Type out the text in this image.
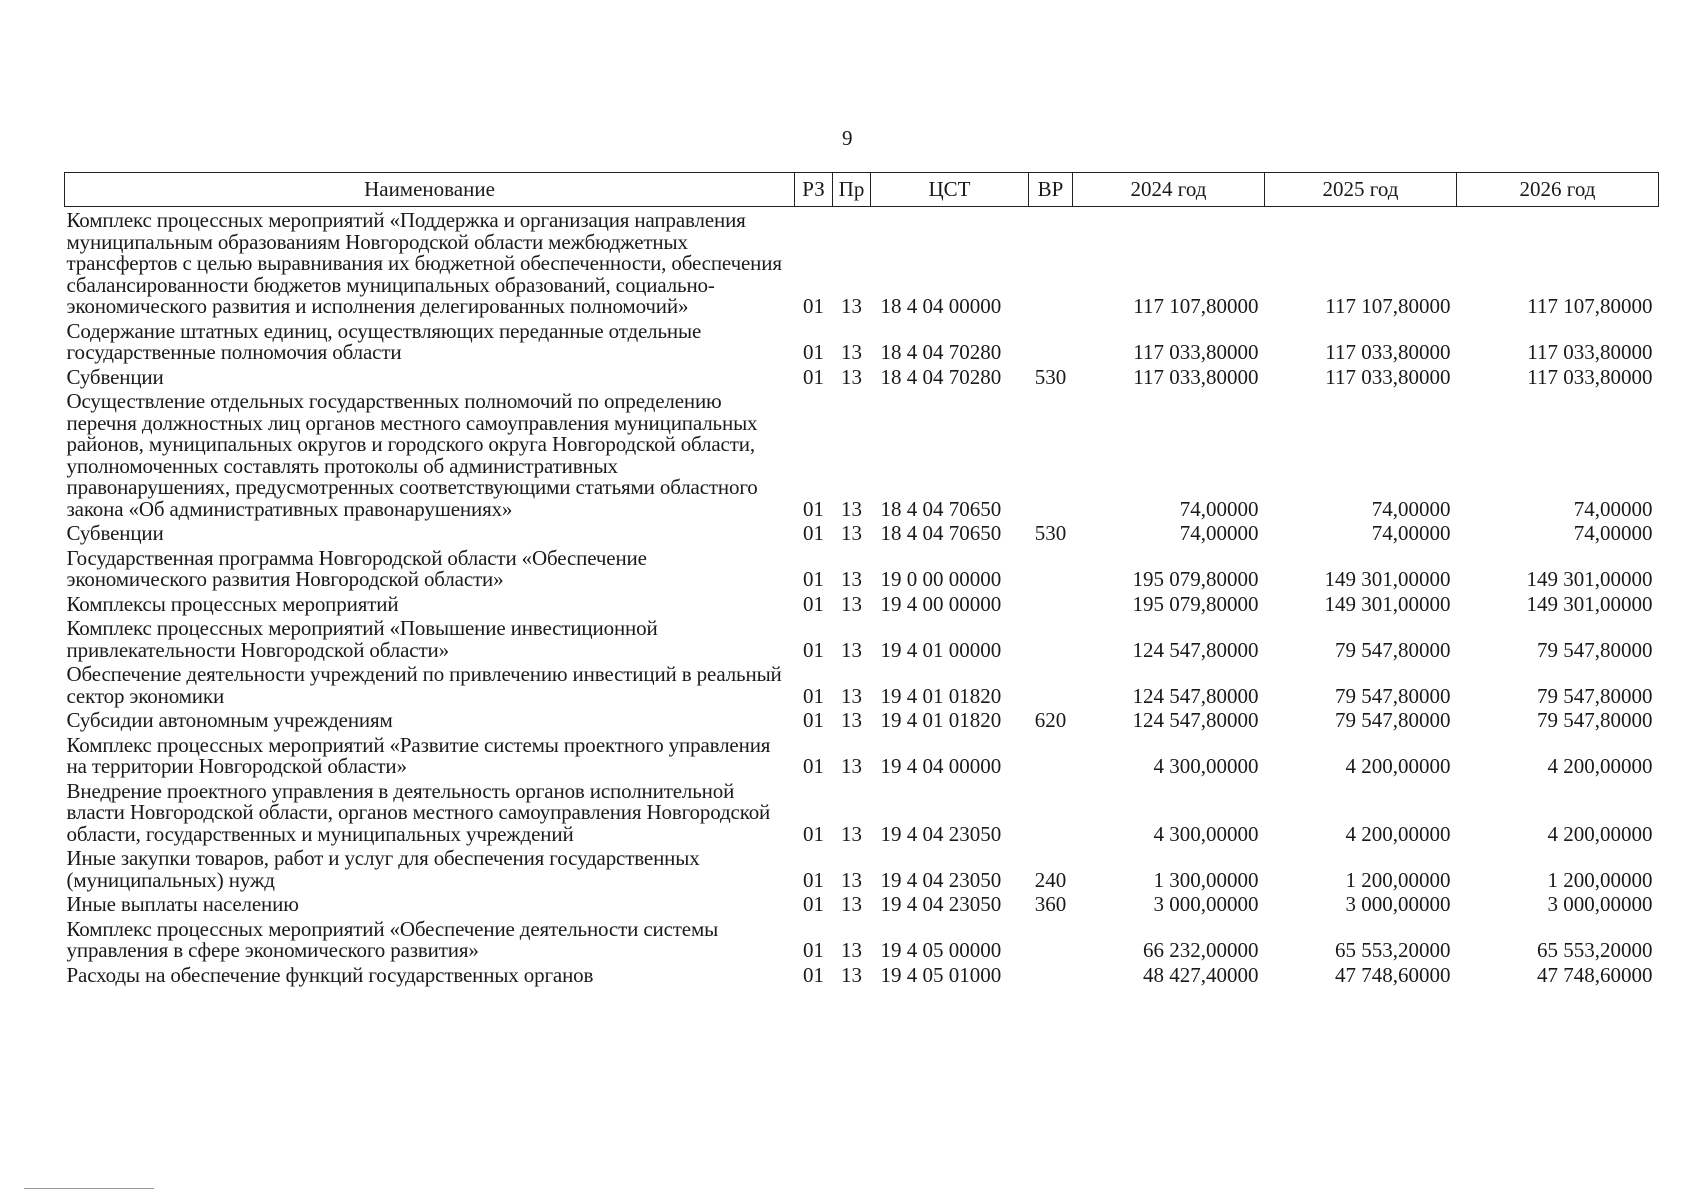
9
Наименование	РЗ	Пр	ЦСТ	ВР	2024 год	2025 год	2026 год
Комплекс процессных мероприятий «Поддержка и организация направления муниципальным образованиям Новгородской области межбюджетных трансфертов с целью выравнивания их бюджетной обеспеченности, обеспечения сбалансированности бюджетов муниципальных образований, социально-экономического развития и исполнения делегированных полномочий»	01	13	18 4 04 00000		117 107,80000	117 107,80000	117 107,80000
Содержание штатных единиц, осуществляющих переданные отдельные государственные полномочия области	01	13	18 4 04 70280		117 033,80000	117 033,80000	117 033,80000
Субвенции	01	13	18 4 04 70280	530	117 033,80000	117 033,80000	117 033,80000
Осуществление отдельных государственных полномочий по определению перечня должностных лиц органов местного самоуправления муниципальных районов, муниципальных округов и городского округа Новгородской области, уполномоченных составлять протоколы об административных правонарушениях, предусмотренных соответствующими статьями областного закона «Об административных правонарушениях»	01	13	18 4 04 70650		74,00000	74,00000	74,00000
Субвенции	01	13	18 4 04 70650	530	74,00000	74,00000	74,00000
Государственная программа Новгородской области «Обеспечение экономического развития Новгородской области»	01	13	19 0 00 00000		195 079,80000	149 301,00000	149 301,00000
Комплексы процессных мероприятий	01	13	19 4 00 00000		195 079,80000	149 301,00000	149 301,00000
Комплекс процессных мероприятий «Повышение инвестиционной привлекательности Новгородской области»	01	13	19 4 01 00000		124 547,80000	79 547,80000	79 547,80000
Обеспечение деятельности учреждений по привлечению инвестиций в реальный сектор экономики	01	13	19 4 01 01820		124 547,80000	79 547,80000	79 547,80000
Субсидии автономным учреждениям	01	13	19 4 01 01820	620	124 547,80000	79 547,80000	79 547,80000
Комплекс процессных мероприятий «Развитие системы проектного управления на территории Новгородской области»	01	13	19 4 04 00000		4 300,00000	4 200,00000	4 200,00000
Внедрение проектного управления в деятельность органов исполнительной власти Новгородской области, органов местного самоуправления Новгородской области, государственных и муниципальных учреждений	01	13	19 4 04 23050		4 300,00000	4 200,00000	4 200,00000
Иные закупки товаров, работ и услуг для обеспечения государственных (муниципальных) нужд	01	13	19 4 04 23050	240	1 300,00000	1 200,00000	1 200,00000
Иные выплаты населению	01	13	19 4 04 23050	360	3 000,00000	3 000,00000	3 000,00000
Комплекс процессных мероприятий «Обеспечение деятельности системы управления в сфере экономического развития»	01	13	19 4 05 00000		66 232,00000	65 553,20000	65 553,20000
Расходы на обеспечение функций государственных органов	01	13	19 4 05 01000		48 427,40000	47 748,60000	47 748,60000
